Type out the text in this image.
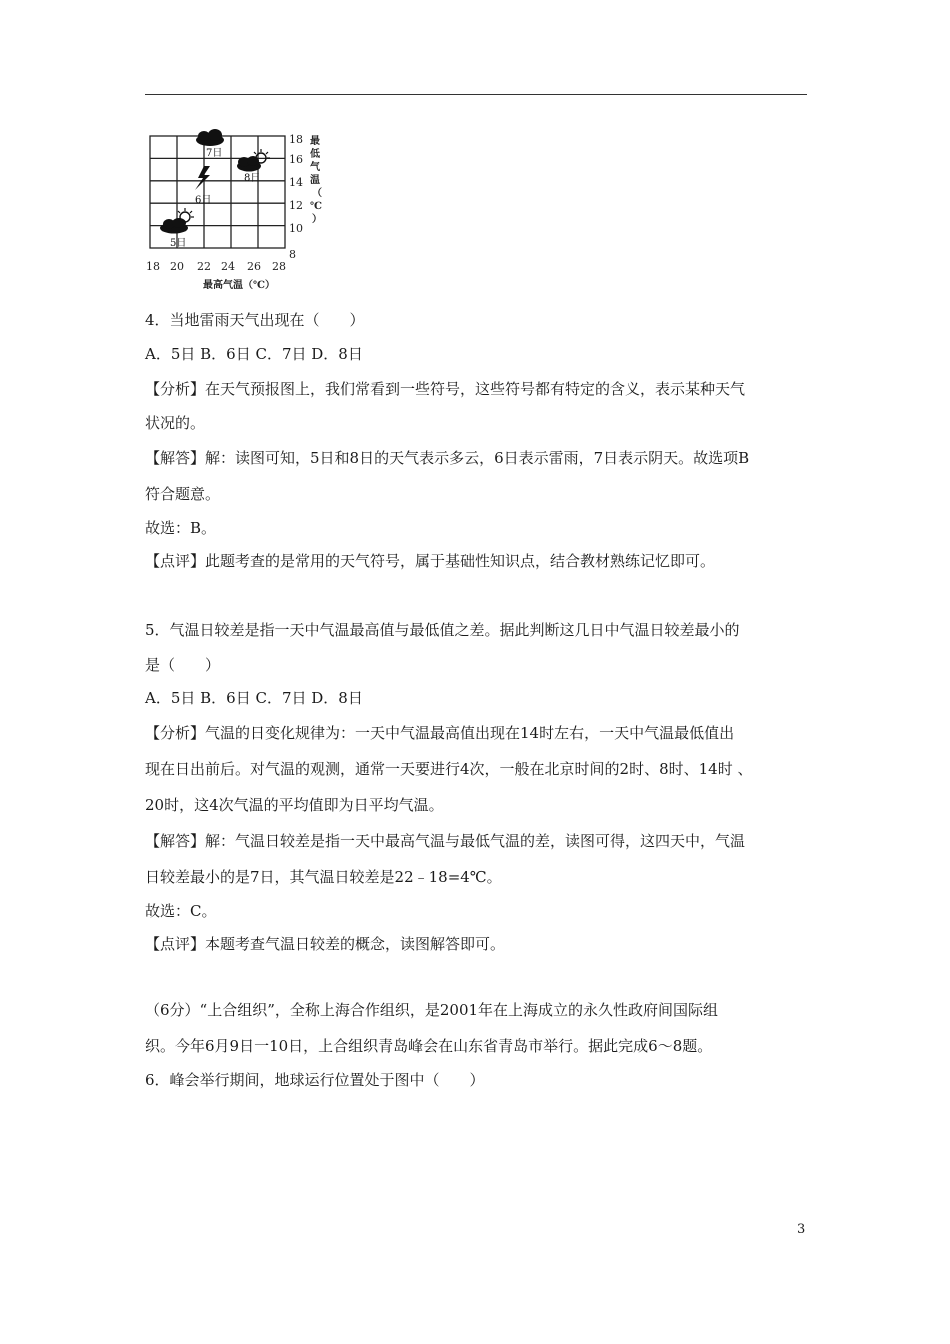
18
16
14
12
10
8
最
低
气
温
（
℃
）
18 20 22 24 26 28
最高气温（℃）
7日
8日
6日
5日
4．当地雷雨天气出现在（　　）
A．5日 B．6日 C．7日 D．8日
【分析】在天气预报图上，我们常看到一些符号，这些符号都有特定的含义，表示某种天气
状况的。
【解答】解：读图可知，5日和8日的天气表示多云，6日表示雷雨，7日表示阴天。故选项B
符合题意。
故选：B。
【点评】此题考查的是常用的天气符号，属于基础性知识点，结合教材熟练记忆即可。
5．气温日较差是指一天中气温最高值与最低值之差。据此判断这几日中气温日较差最小的
是（　　）
A．5日 B．6日 C．7日 D．8日
【分析】气温的日变化规律为：一天中气温最高值出现在14时左右，一天中气温最低值出
现在日出前后。对气温的观测，通常一天要进行4次，一般在北京时间的2时、8时、14时 、
20时，这4次气温的平均值即为日平均气温。
【解答】解：气温日较差是指一天中最高气温与最低气温的差，读图可得，这四天中，气温
日较差最小的是7日，其气温日较差是22﹣18=4℃。
故选：C。
【点评】本题考查气温日较差的概念，读图解答即可。
（6分）“上合组织”，全称上海合作组织，是2001年在上海成立的永久性政府间国际组
织。今年6月9日一10日，上合组织青岛峰会在山东省青岛市举行。据此完成6～8题。
6．峰会举行期间，地球运行位置处于图中（　　）
3
